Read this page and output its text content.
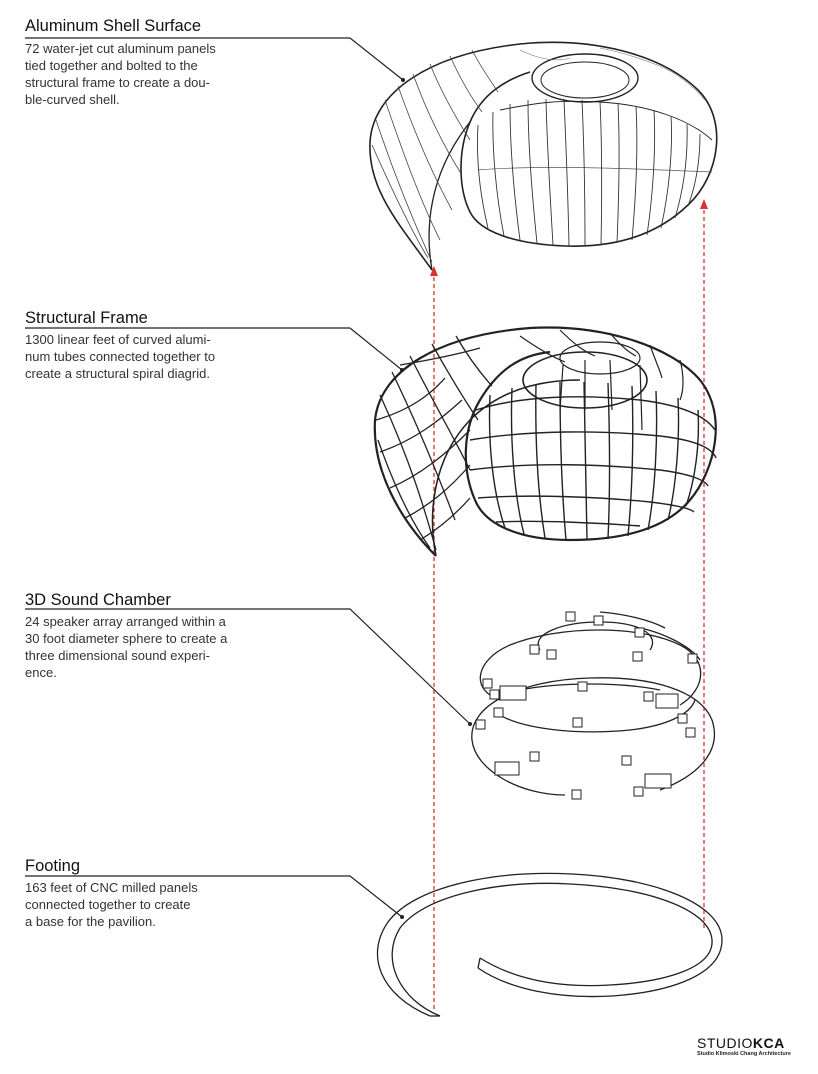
Aluminum Shell Surface

72 water-jet cut aluminum panels
tied together and bolted to the
structural frame to create a dou-
ble-curved shell.

Structural Frame

1300 linear feet of curved alumi-
num tubes connected together to
create a structural spiral diagrid.

3D Sound Chamber

24 speaker array arranged within a
30 foot diameter sphere to create a
three dimensional sound experi-
ence.

Footing

163 feet of CNC milled panels
connected together to create
a base for the pavilion.

STUDIOKCA
Studio Klimoski Chang Architecture
